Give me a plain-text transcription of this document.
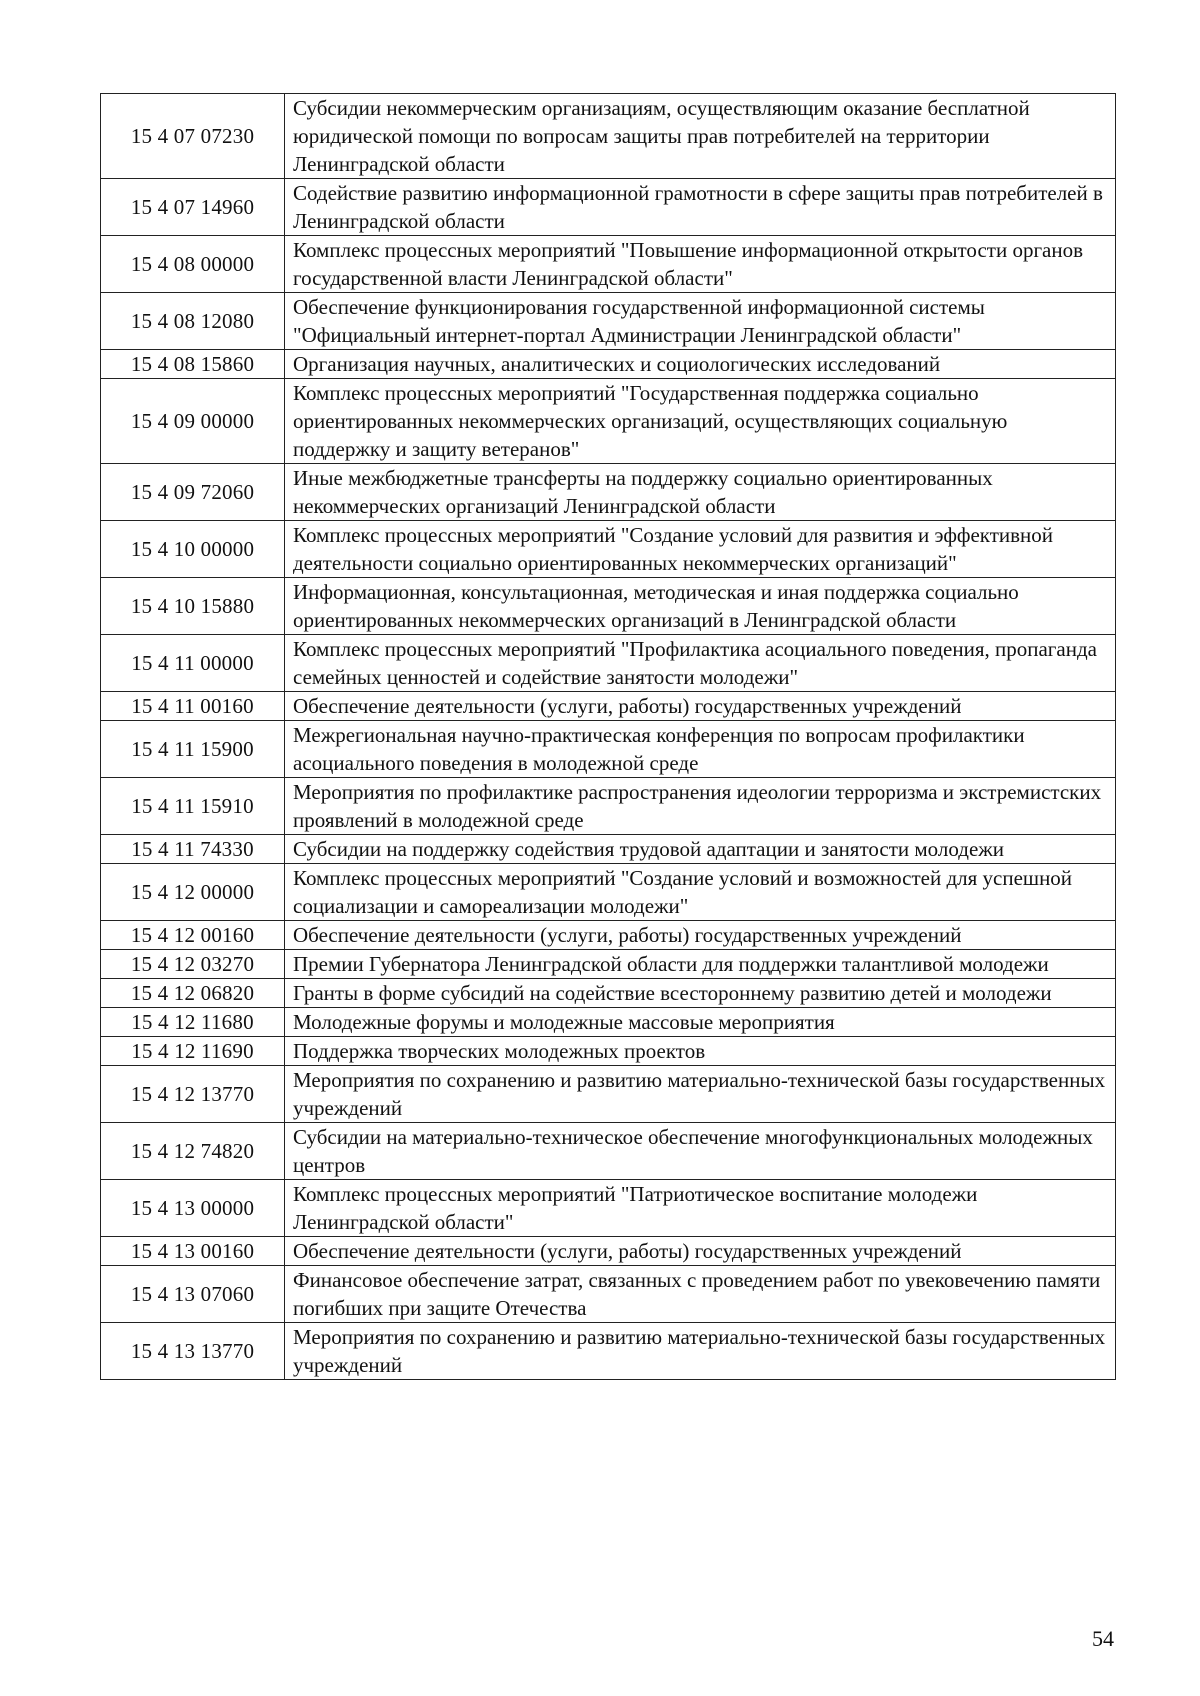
15 4 07 07230	Субсидии некоммерческим организациям, осуществляющим оказание бесплатной юридической помощи по вопросам защиты прав потребителей на территории Ленинградской области
15 4 07 14960	Содействие развитию информационной грамотности в сфере защиты прав потребителей в Ленинградской области
15 4 08 00000	Комплекс процессных мероприятий "Повышение информационной открытости органов государственной власти Ленинградской области"
15 4 08 12080	Обеспечение функционирования государственной информационной системы "Официальный интернет-портал Администрации Ленинградской области"
15 4 08 15860	Организация научных, аналитических и социологических исследований
15 4 09 00000	Комплекс процессных мероприятий "Государственная поддержка социально ориентированных некоммерческих организаций, осуществляющих социальную поддержку и защиту ветеранов"
15 4 09 72060	Иные межбюджетные трансферты на поддержку социально ориентированных некоммерческих организаций Ленинградской области
15 4 10 00000	Комплекс процессных мероприятий "Создание условий для развития и эффективной деятельности социально ориентированных некоммерческих организаций"
15 4 10 15880	Информационная, консультационная, методическая и иная поддержка социально ориентированных некоммерческих организаций в Ленинградской области
15 4 11 00000	Комплекс процессных мероприятий "Профилактика асоциального поведения, пропаганда семейных ценностей и содействие занятости молодежи"
15 4 11 00160	Обеспечение деятельности (услуги, работы) государственных учреждений
15 4 11 15900	Межрегиональная научно-практическая конференция по вопросам профилактики асоциального поведения в молодежной среде
15 4 11 15910	Мероприятия по профилактике распространения идеологии терроризма и экстремистских проявлений в молодежной среде
15 4 11 74330	Субсидии на поддержку содействия трудовой адаптации и занятости молодежи
15 4 12 00000	Комплекс процессных мероприятий "Создание условий и возможностей для успешной социализации и самореализации молодежи"
15 4 12 00160	Обеспечение деятельности (услуги, работы) государственных учреждений
15 4 12 03270	Премии Губернатора Ленинградской области для поддержки талантливой молодежи
15 4 12 06820	Гранты в форме субсидий на содействие всестороннему развитию детей и молодежи
15 4 12 11680	Молодежные форумы и молодежные массовые мероприятия
15 4 12 11690	Поддержка творческих молодежных проектов
15 4 12 13770	Мероприятия по сохранению и развитию материально-технической базы государственных учреждений
15 4 12 74820	Субсидии на материально-техническое обеспечение многофункциональных молодежных центров
15 4 13 00000	Комплекс процессных мероприятий "Патриотическое воспитание молодежи Ленинградской области"
15 4 13 00160	Обеспечение деятельности (услуги, работы) государственных учреждений
15 4 13 07060	Финансовое обеспечение затрат, связанных с проведением работ по увековечению памяти погибших при защите Отечества
15 4 13 13770	Мероприятия по сохранению и развитию материально-технической базы государственных учреждений
54
